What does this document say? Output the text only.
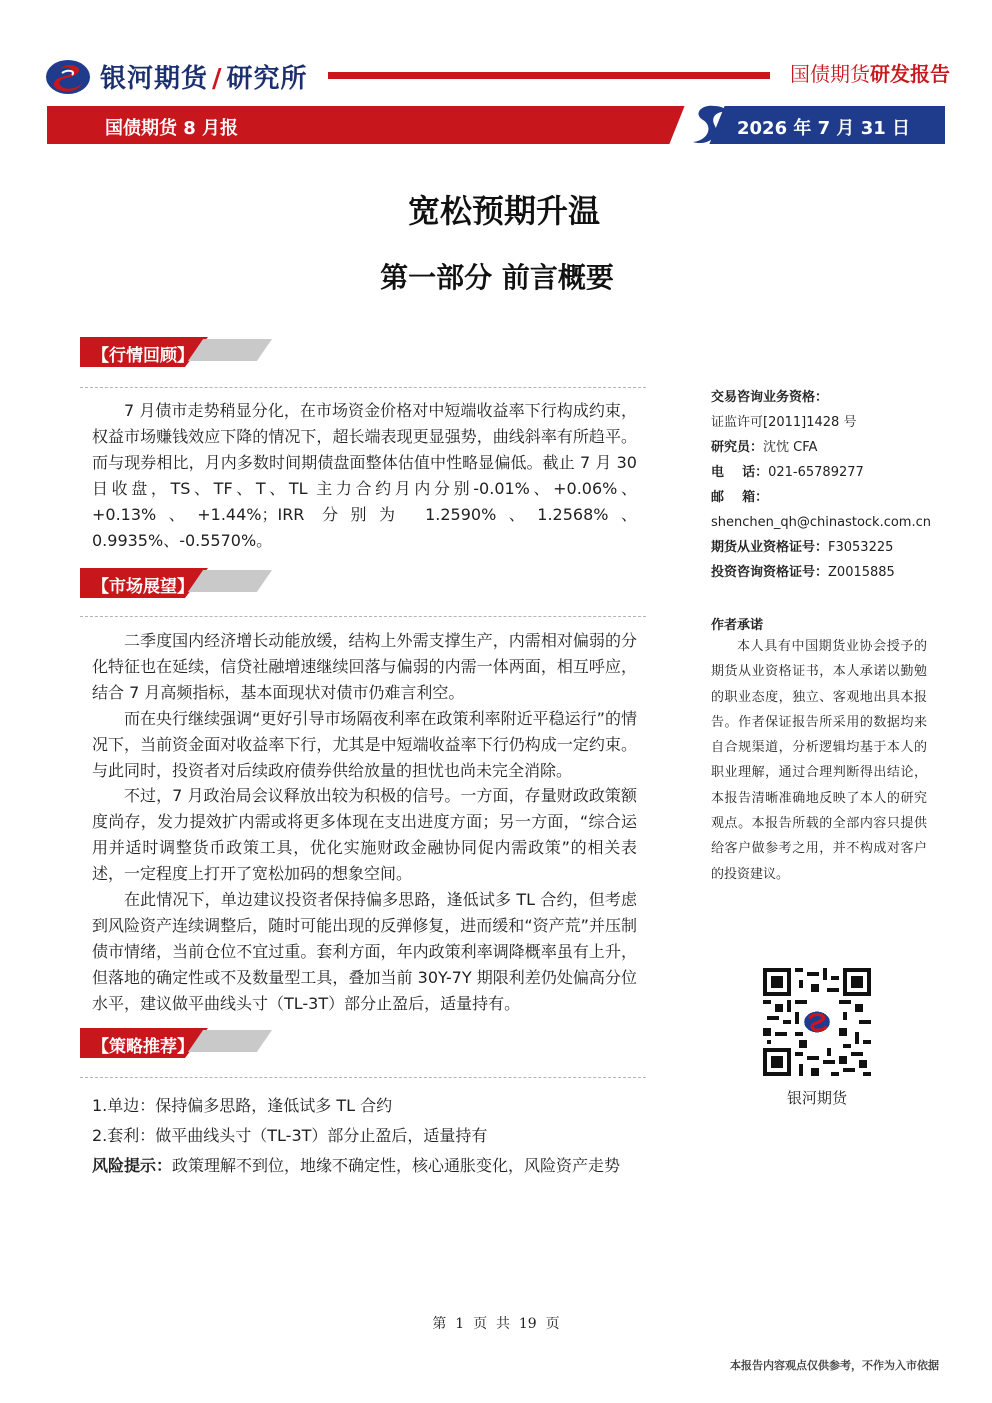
银河期货 / 研究所	国债期货研发报告
国债期货 8 月报	2026 年 7 月 31 日
宽松预期升温
第一部分 前言概要
【行情回顾】

7 月债市走势稍显分化，在市场资金价格对中短端收益率下行构成约束，权益市场赚钱效应下降的情况下，超长端表现更显强势，曲线斜率有所趋平。而与现券相比，月内多数时间期债盘面整体估值中性略显偏低。截止 7 月 30 日收盘，TS、TF、T、TL 主力合约月内分别-0.01%、+0.06%、+0.13%、+1.44%；IRR 分别为 1.2590%、1.2568%、0.9935%、-0.5570%。

【市场展望】

二季度国内经济增长动能放缓，结构上外需支撑生产，内需相对偏弱的分化特征也在延续，信贷社融增速继续回落与偏弱的内需一体两面，相互呼应，结合 7 月高频指标，基本面现状对债市仍难言利空。

而在央行继续强调“更好引导市场隔夜利率在政策利率附近平稳运行”的情况下，当前资金面对收益率下行，尤其是中短端收益率下行仍构成一定约束。与此同时，投资者对后续政府债券供给放量的担忧也尚未完全消除。

不过，7 月政治局会议释放出较为积极的信号。一方面，存量财政政策额度尚存，发力提效扩内需或将更多体现在支出进度方面；另一方面，“综合运用并适时调整货币政策工具，优化实施财政金融协同促内需政策”的相关表述，一定程度上打开了宽松加码的想象空间。

在此情况下，单边建议投资者保持偏多思路，逢低试多 TL 合约，但考虑到风险资产连续调整后，随时可能出现的反弹修复，进而缓和“资产荒”并压制债市情绪，当前仓位不宜过重。套利方面，年内政策利率调降概率虽有上升，但落地的确定性或不及数量型工具，叠加当前 30Y-7Y 期限利差仍处偏高分位水平，建议做平曲线头寸（TL-3T）部分止盈后，适量持有。

【策略推荐】
1.单边：保持偏多思路，逢低试多 TL 合约
2.套利：做平曲线头寸（TL-3T）部分止盈后，适量持有
风险提示：政策理解不到位，地缘不确定性，核心通胀变化，风险资产走势
交易咨询业务资格：
证监许可[2011]1428 号
研究员：沈忱 CFA
电    话：021-65789277
邮    箱：
shenchen_qh@chinastock.com.cn
期货从业资格证号：F3053225
投资咨询资格证号：Z0015885
作者承诺

本人具有中国期货业协会授予的期货从业资格证书，本人承诺以勤勉的职业态度，独立、客观地出具本报告。作者保证报告所采用的数据均来自合规渠道，分析逻辑均基于本人的职业理解，通过合理判断得出结论，本报告清晰准确地反映了本人的研究观点。本报告所载的全部内容只提供给客户做参考之用，并不构成对客户的投资建议。

银河期货
第  1  页  共  19  页
本报告内容观点仅供参考，不作为入市依据
